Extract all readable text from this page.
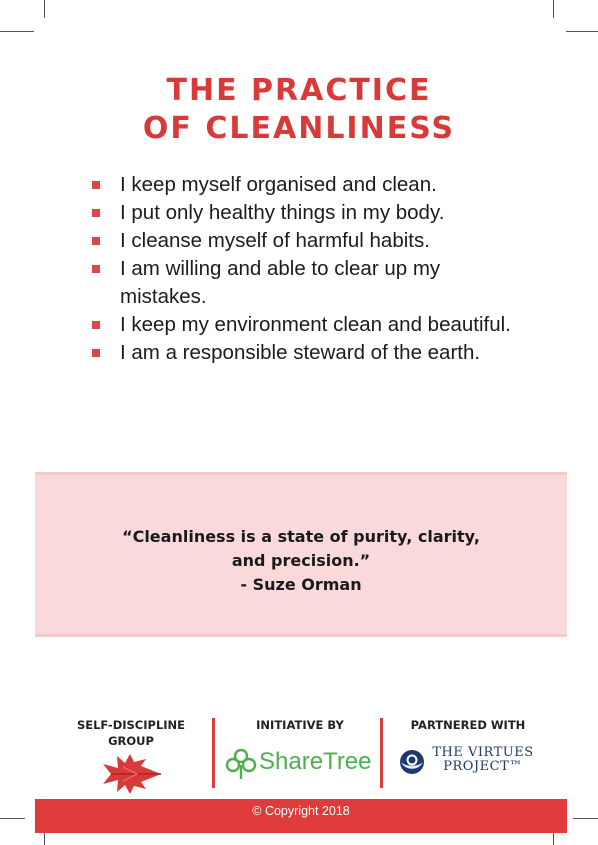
THE PRACTICE
OF CLEANLINESS
I keep myself organised and clean.
I put only healthy things in my body.
I cleanse myself of harmful habits.
I am willing and able to clear up my mistakes.
I keep my environment clean and beautiful.
I am a responsible steward of the earth.
“Cleanliness is a state of purity, clarity, and precision.”
- Suze Orman
SELF-DISCIPLINE GROUP
INITIATIVE BY
ShareTree
PARTNERED WITH
THE VIRTUES
PROJECT™
© Copyright 2018
